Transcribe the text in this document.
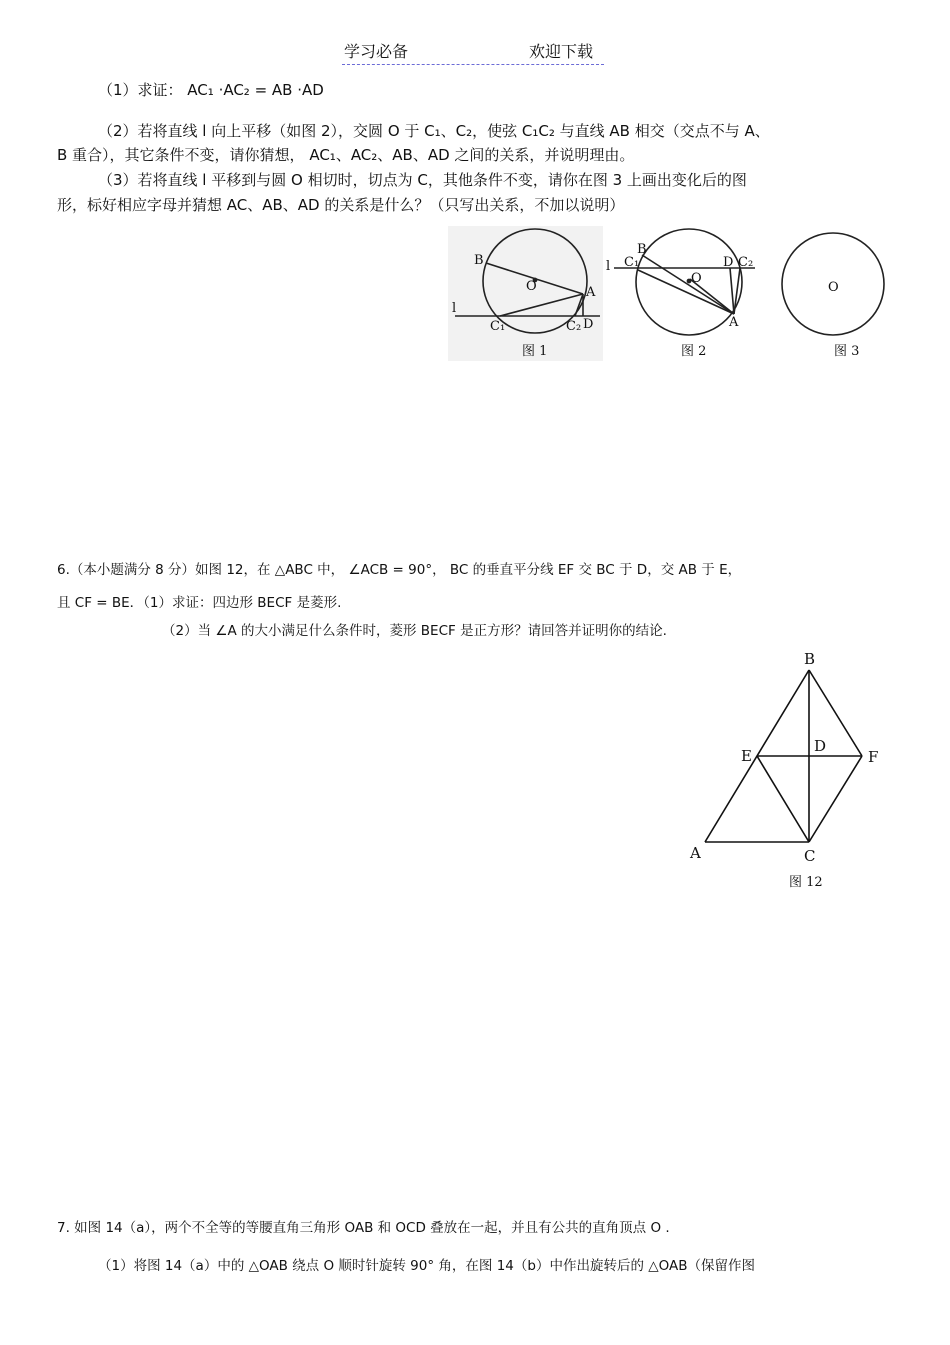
学习必备	欢迎下载
（1）求证： AC₁ ·AC₂ = AB ·AD
（2）若将直线 l 向上平移（如图 2），交圆 O 于 C₁、C₂，使弦 C₁C₂ 与直线 AB 相交（交点不与 A、
B 重合），其它条件不变，请你猜想， AC₁、AC₂、AB、AD 之间的关系，并说明理由。
（3）若将直线 l 平移到与圆 O 相切时，切点为 C，其他条件不变，请你在图 3 上画出变化后的图
形，标好相应字母并猜想 AC、AB、AD 的关系是什么？（只写出关系，不加以说明）
B
O	A
l
C₁	C₂ D
图 1
B
C₁
l
O
D C₂
A
图 2
O
图 3
6.（本小题满分 8 分）如图 12，在 △ABC 中， ∠ACB = 90°， BC 的垂直平分线 EF 交 BC 于 D，交 AB 于 E，
且 CF = BE．（1）求证：四边形 BECF 是菱形.
（2）当 ∠A 的大小满足什么条件时，菱形 BECF 是正方形？请回答并证明你的结论.
B
E
D
F
A	C
图 12
7. 如图 14（a），两个不全等的等腰直角三角形 OAB 和 OCD 叠放在一起，并且有公共的直角顶点 O .
（1）将图 14（a）中的 △OAB 绕点 O 顺时针旋转 90° 角，在图 14（b）中作出旋转后的 △OAB（保留作图
